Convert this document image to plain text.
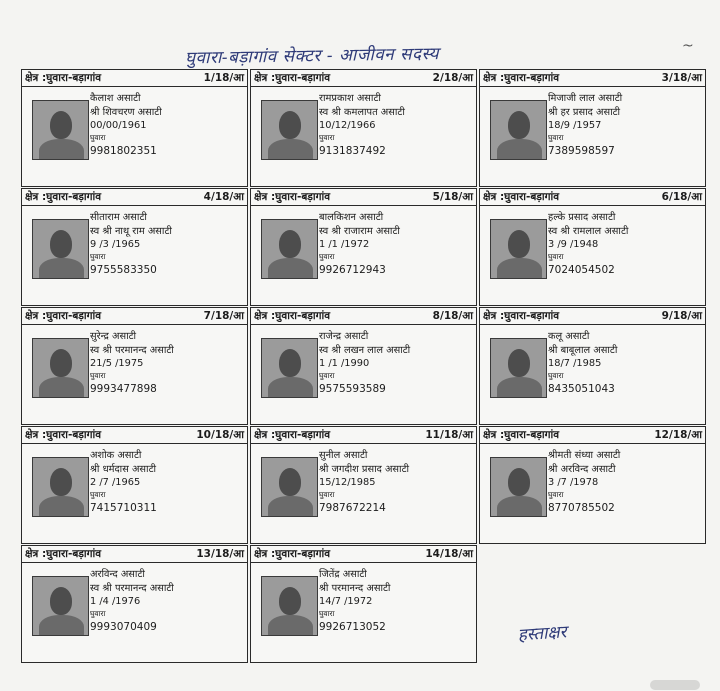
घुवारा-बड़ागांव सेक्टर - आजीवन सदस्य	~
क्षेत्र :घुवारा-बड़ागांव	1/18/आ
कैलाश असाटी
श्री शिवचरण असाटी
00/00/1961
घुवारा
9981802351
क्षेत्र :घुवारा-बड़ागांव	2/18/आ
रामप्रकाश असाटी
स्व श्री कमलापत असाटी
10/12/1966
घुवारा
9131837492
क्षेत्र :घुवारा-बड़ागांव	3/18/आ
मिजाजी लाल असाटी
श्री हर प्रसाद असाटी
18/9 /1957
घुवारा
7389598597
क्षेत्र :घुवारा-बड़ागांव	4/18/आ
सीताराम असाटी
स्व श्री नाथू राम असाटी
9 /3 /1965
घुवारा
9755583350
क्षेत्र :घुवारा-बड़ागांव	5/18/आ
बालकिशन असाटी
स्व श्री राजाराम असाटी
1 /1 /1972
घुवारा
9926712943
क्षेत्र :घुवारा-बड़ागांव	6/18/आ
हल्के प्रसाद असाटी
स्व श्री रामलाल असाटी
3 /9 /1948
घुवारा
7024054502
क्षेत्र :घुवारा-बड़ागांव	7/18/आ
सुरेन्द्र असाटी
स्व श्री परमानन्द असाटी
21/5 /1975
घुवारा
9993477898
क्षेत्र :घुवारा-बड़ागांव	8/18/आ
राजेन्द्र असाटी
स्व श्री लखन लाल असाटी
1 /1 /1990
घुवारा
9575593589
क्षेत्र :घुवारा-बड़ागांव	9/18/आ
कलू असाटी
श्री बाबूलाल असाटी
18/7 /1985
घुवारा
8435051043
क्षेत्र :घुवारा-बड़ागांव	10/18/आ
अशोक असाटी
श्री धर्मदास असाटी
2 /7 /1965
घुवारा
7415710311
क्षेत्र :घुवारा-बड़ागांव	11/18/आ
सुनील असाटी
श्री जगदीश प्रसाद असाटी
15/12/1985
घुवारा
7987672214
क्षेत्र :घुवारा-बड़ागांव	12/18/आ
श्रीमती संध्या असाटी
श्री अरविन्द असाटी
3 /7 /1978
घुवारा
8770785502
क्षेत्र :घुवारा-बड़ागांव	13/18/आ
अरविन्द असाटी
स्व श्री परमानन्द असाटी
1 /4 /1976
घुवारा
9993070409
क्षेत्र :घुवारा-बड़ागांव	14/18/आ
जितेंद्र असाटी
श्री परमानन्द असाटी
14/7 /1972
घुवारा
9926713052	हस्ताक्षर
